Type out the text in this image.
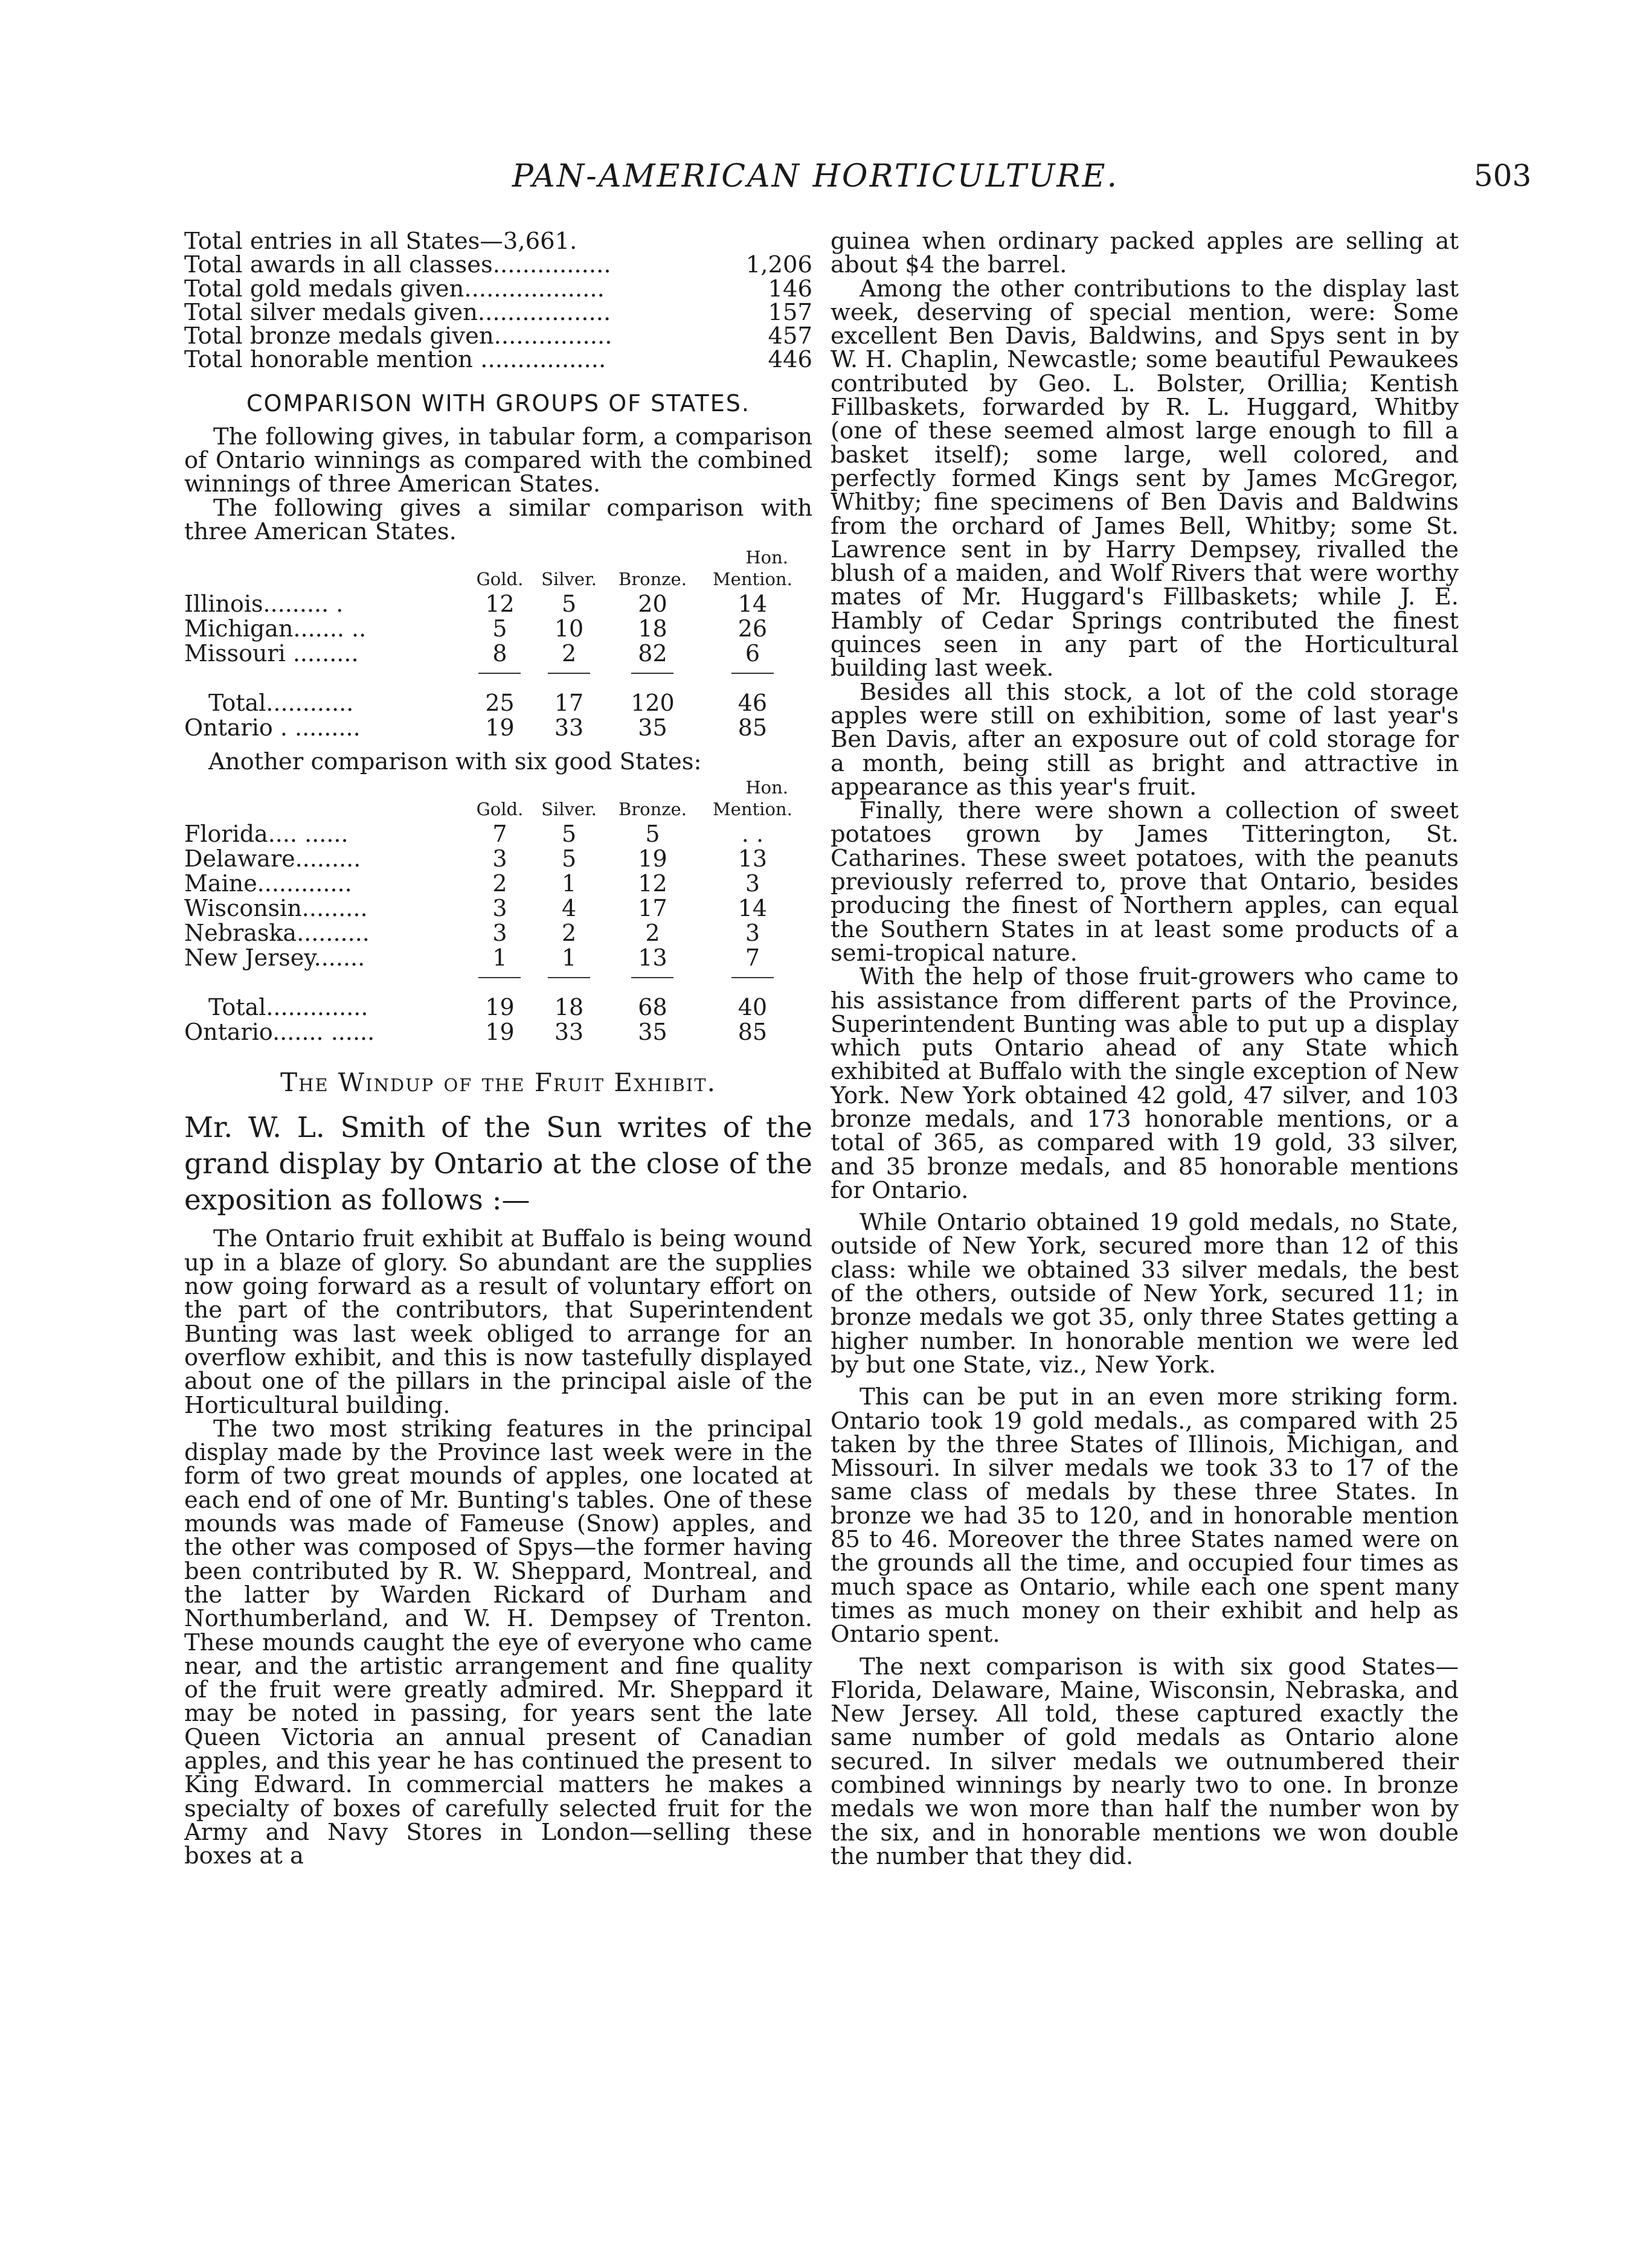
PAN-AMERICAN HORTICULTURE.	503
Total entries in all States—3,661.
Total awards in all classes................	1,206
Total gold medals given...................	146
Total silver medals given..................	157
Total bronze medals given................	457
Total honorable mention .................	446
COMPARISON WITH GROUPS OF STATES.

The following gives, in tabular form, a comparison of Ontario winnings as compared with the combined winnings of three American States.

The following gives a similar comparison with three American States.

Hon.
	Gold.	Silver.	Bronze.	Mention.
Illinois......... .	12	5	20	14
Michigan....... ..	5	10	18	26
Missouri .........	8	2	82	6

Total............	25	17	120	46
Ontario . .........	19	33	35	85

Another comparison with six good States:

Hon.
	Gold.	Silver.	Bronze.	Mention.
Florida.... ......	7	5	5	. .
Delaware.........	3	5	19	13
Maine.............	2	1	12	3
Wisconsin.........	3	4	17	14
Nebraska..........	3	2	2	3
New Jersey.......	1	1	13	7

Total..............	19	18	68	40
Ontario....... ......	19	33	35	85
The Windup of the Fruit Exhibit.

Mr. W. L. Smith of the Sun writes of the grand display by Ontario at the close of the exposition as follows :—

The Ontario fruit exhibit at Buffalo is being wound up in a blaze of glory. So abundant are the supplies now going forward as a result of voluntary effort on the part of the contributors, that Superintendent Bunting was last week obliged to arrange for an overflow exhibit, and this is now tastefully displayed about one of the pillars in the principal aisle of the Horticultural building.

The two most striking features in the principal display made by the Province last week were in the form of two great mounds of apples, one located at each end of one of Mr. Bunting's tables. One of these mounds was made of Fameuse (Snow) apples, and the other was composed of Spys—the former having been contributed by R. W. Sheppard, Montreal, and the latter by Warden Rickard of Durham and Northumberland, and W. H. Dempsey of Trenton. These mounds caught the eye of everyone who came near, and the artistic arrangement and fine quality of the fruit were greatly admired. Mr. Sheppard it may be noted in passing, for years sent the late Queen Victoria an annual present of Canadian apples, and this year he has continued the present to King Edward. In commercial matters he makes a specialty of boxes of carefully selected fruit for the Army and Navy Stores in London—selling these boxes at a

guinea when ordinary packed apples are selling at about $4 the barrel.

Among the other contributions to the display last week, deserving of special mention, were: Some excellent Ben Davis, Baldwins, and Spys sent in by W. H. Chaplin, Newcastle; some beautiful Pewaukees contributed by Geo. L. Bolster, Orillia; Kentish Fillbaskets, forwarded by R. L. Huggard, Whitby (one of these seemed almost large enough to fill a basket itself); some large, well colored, and perfectly formed Kings sent by James McGregor, Whitby; fine specimens of Ben Davis and Baldwins from the orchard of James Bell, Whitby; some St. Lawrence sent in by Harry Dempsey, rivalled the blush of a maiden, and Wolf Rivers that were worthy mates of Mr. Huggard's Fillbaskets; while J. E. Hambly of Cedar Springs contributed the finest quinces seen in any part of the Horticultural building last week.

Besides all this stock, a lot of the cold storage apples were still on exhibition, some of last year's Ben Davis, after an exposure out of cold storage for a month, being still as bright and attractive in appearance as this year's fruit.

Finally, there were shown a collection of sweet potatoes grown by James Titterington, St. Catharines. These sweet potatoes, with the peanuts previously referred to, prove that Ontario, besides producing the finest of Northern apples, can equal the Southern States in at least some products of a semi-tropical nature.

With the help of those fruit-growers who came to his assistance from different parts of the Province, Superintendent Bunting was able to put up a display which puts Ontario ahead of any State which exhibited at Buffalo with the single exception of New York. New York obtained 42 gold, 47 silver, and 103 bronze medals, and 173 honorable mentions, or a total of 365, as compared with 19 gold, 33 silver, and 35 bronze medals, and 85 honorable mentions for Ontario.

While Ontario obtained 19 gold medals, no State, outside of New York, secured more than 12 of this class: while we obtained 33 silver medals, the best of the others, outside of New York, secured 11; in bronze medals we got 35, only three States getting a higher number. In honorable mention we were led by but one State, viz., New York.

This can be put in an even more striking form. Ontario took 19 gold medals., as compared with 25 taken by the three States of Illinois, Michigan, and Missouri. In silver medals we took 33 to 17 of the same class of medals by these three States. In bronze we had 35 to 120, and in honorable mention 85 to 46. Moreover the three States named were on the grounds all the time, and occupied four times as much space as Ontario, while each one spent many times as much money on their exhibit and help as Ontario spent.

The next comparison is with six good States—Florida, Delaware, Maine, Wisconsin, Nebraska, and New Jersey. All told, these captured exactly the same number of gold medals as Ontario alone secured. In silver medals we outnumbered their combined winnings by nearly two to one. In bronze medals we won more than half the number won by the six, and in honorable mentions we won double the number that they did.
